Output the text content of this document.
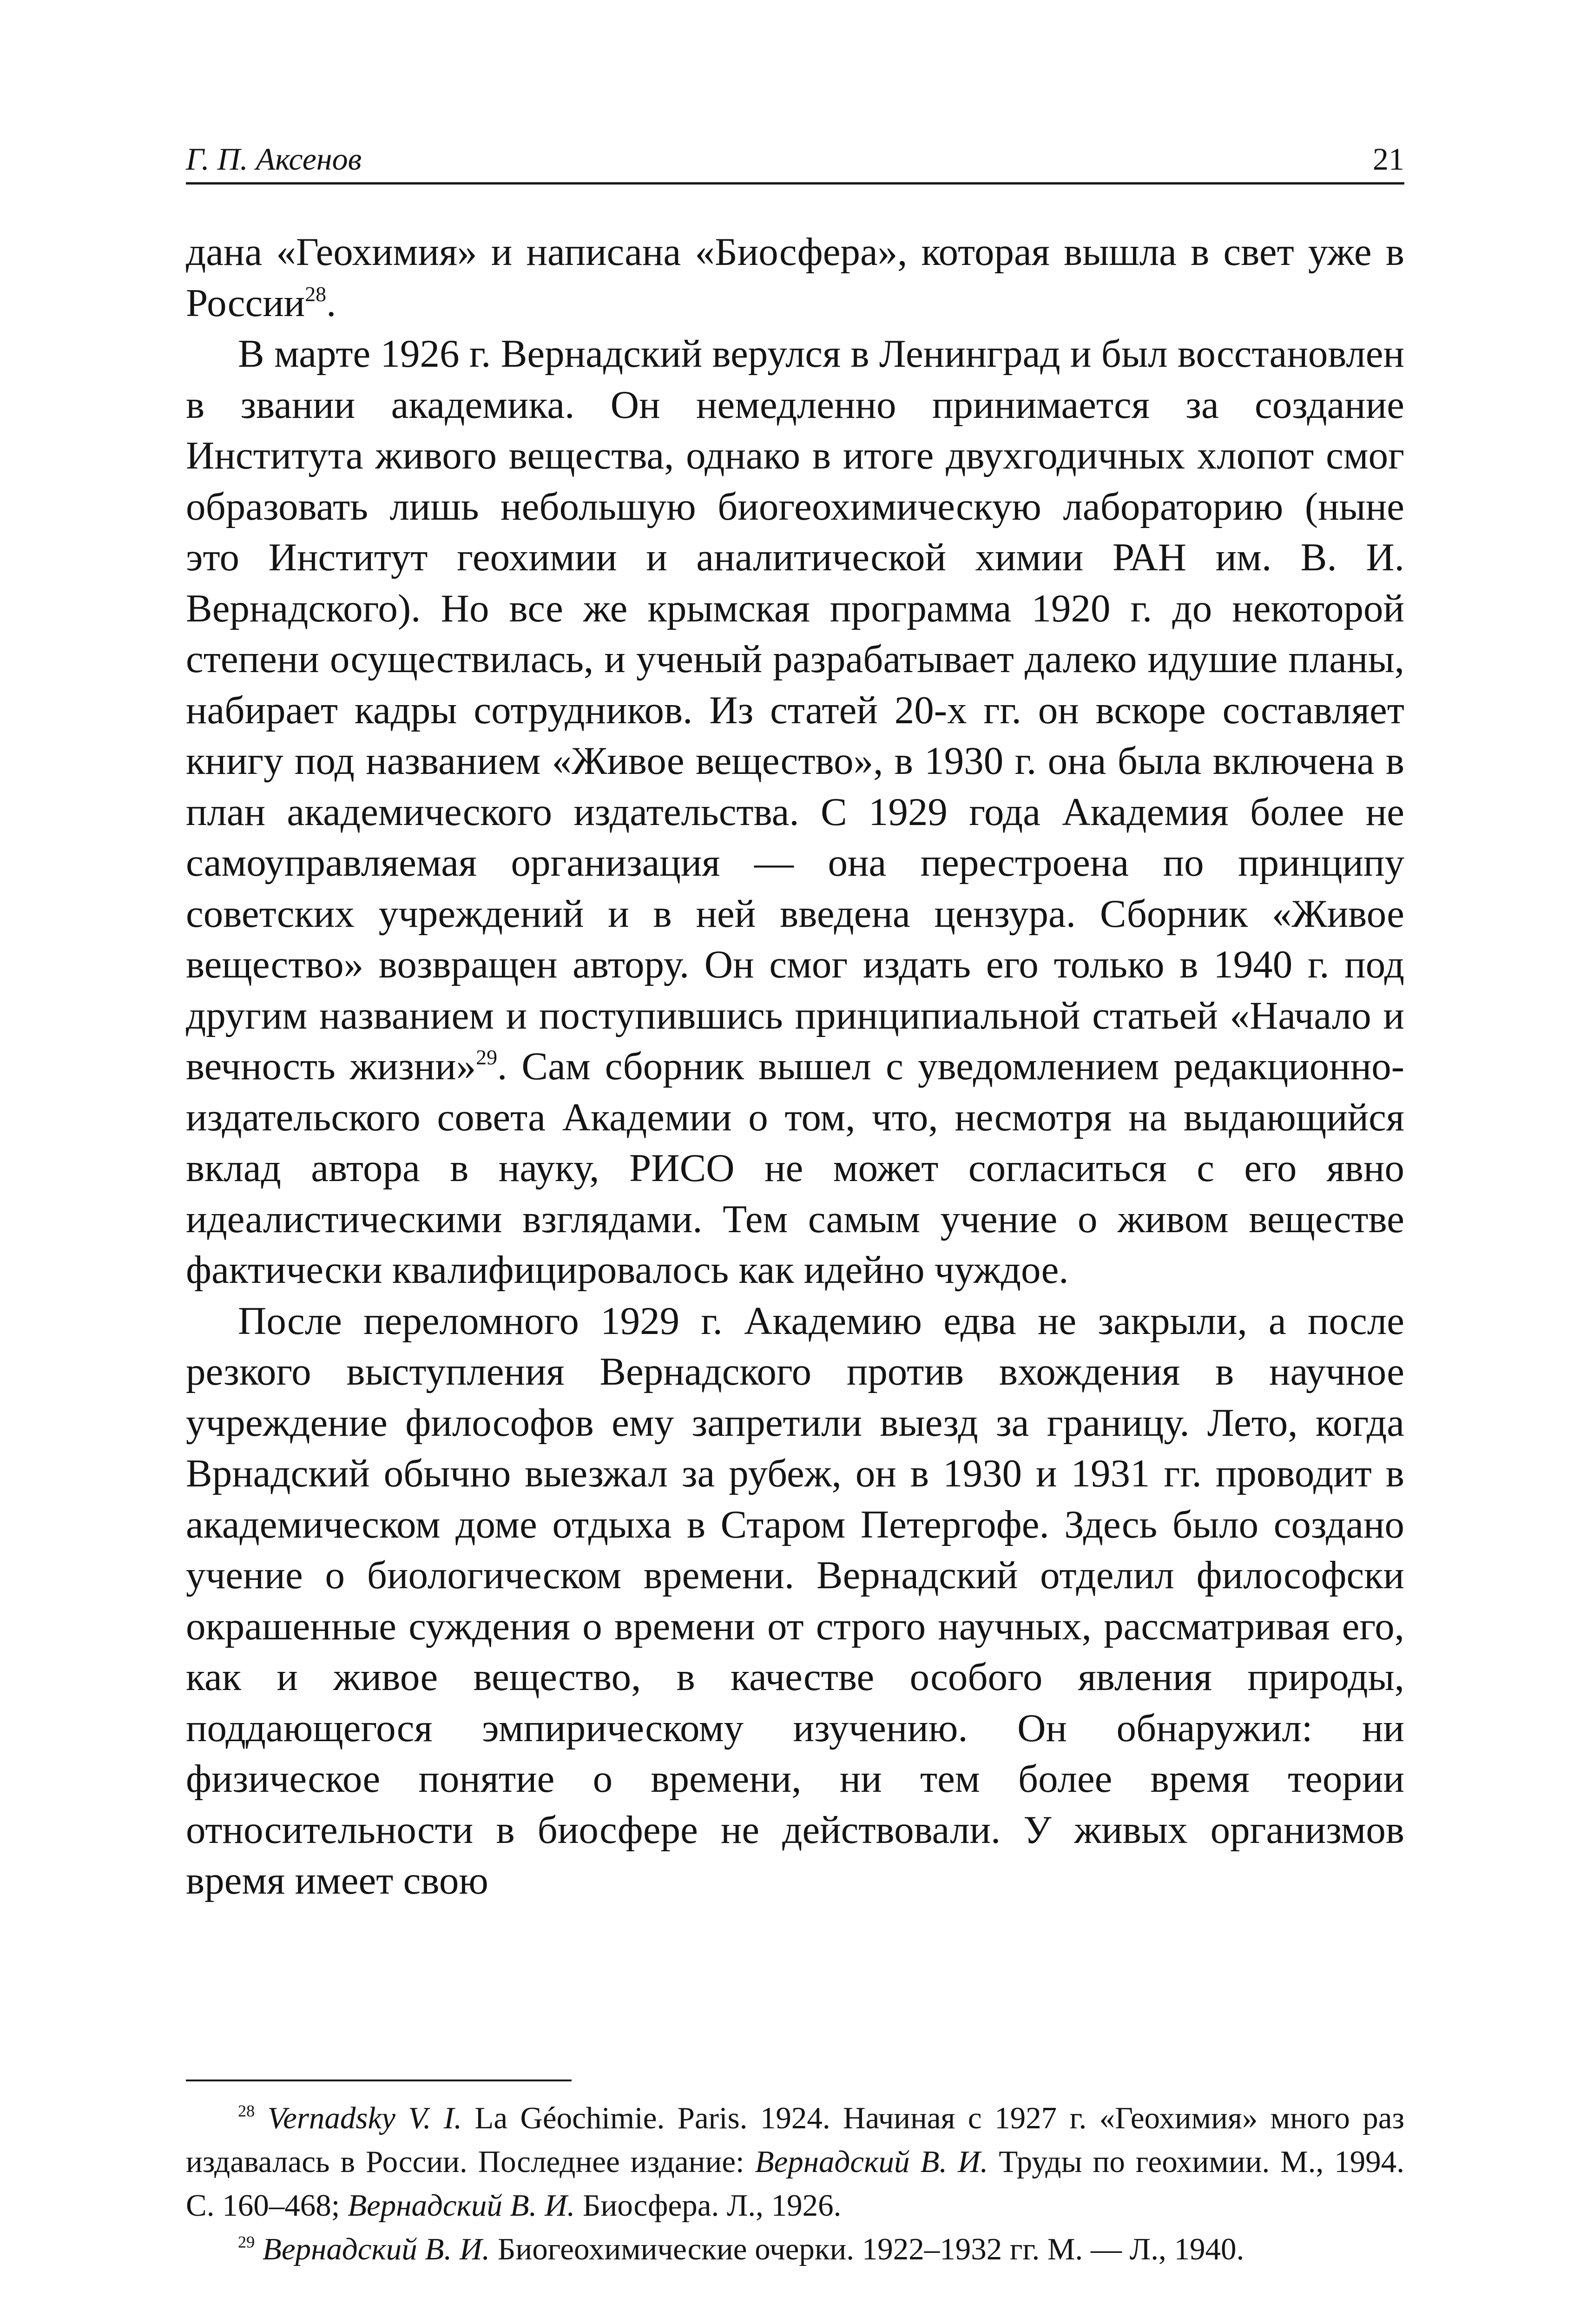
Г. П. Аксенов	21

дана «Геохимия» и написана «Биосфера», которая вышла в свет уже в России$^{28}$.

В марте 1926 г. Вернадский верулся в Ленинград и был восстановлен в звании академика. Он немедленно принимается за создание Института живого вещества, однако в итоге двухгодичных хлопот смог образовать лишь небольшую биогеохимическую лабораторию (ныне это Институт геохимии и аналитической химии РАН им. В. И. Вернадского). Но все же крымская программа 1920 г. до некоторой степени осуществилась, и ученый разрабатывает далеко идушие планы, набирает кадры сотрудников. Из статей 20-х гг. он вскоре составляет книгу под названием «Живое вещество», в 1930 г. она была включена в план академического издательства. С 1929 года Академия более не самоуправляемая организация — она перестроена по принципу советских учреждений и в ней введена цензура. Сборник «Живое вещество» возвращен автору. Он смог издать его только в 1940 г. под другим названием и поступившись принципиальной статьей «Начало и вечность жизни»$^{29}$. Сам сборник вышел с уведомлением редакционно-издательского совета Академии о том, что, несмотря на выдающийся вклад автора в науку, РИСО не может согласиться с его явно идеалистическими взглядами. Тем самым учение о живом веществе фактически квалифицировалось как идейно чуждое.

После переломного 1929 г. Академию едва не закрыли, а после резкого выступления Вернадского против вхождения в научное учреждение философов ему запретили выезд за границу. Лето, когда Врнадский обычно выезжал за рубеж, он в 1930 и 1931 гг. проводит в академическом доме отдыха в Старом Петергофе. Здесь было создано учение о биологическом времени. Вернадский отделил философски окрашенные суждения о времени от строго научных, рассматривая его, как и живое вещество, в качестве особого явления природы, поддающегося эмпирическому изучению. Он обнаружил: ни физическое понятие о времени, ни тем более время теории относительности в биосфере не действовали. У живых организмов время имеет свою

$^{28}$ Vernadsky V. I. La Géochimie. Paris. 1924. Начиная с 1927 г. «Геохимия» много раз издавалась в России. Последнее издание: Вернадский В. И. Труды по геохимии. М., 1994. С. 160–468; Вернадский В. И. Биосфера. Л., 1926.

$^{29}$ Вернадский В. И. Биогеохимические очерки. 1922–1932 гг. М. — Л., 1940.
